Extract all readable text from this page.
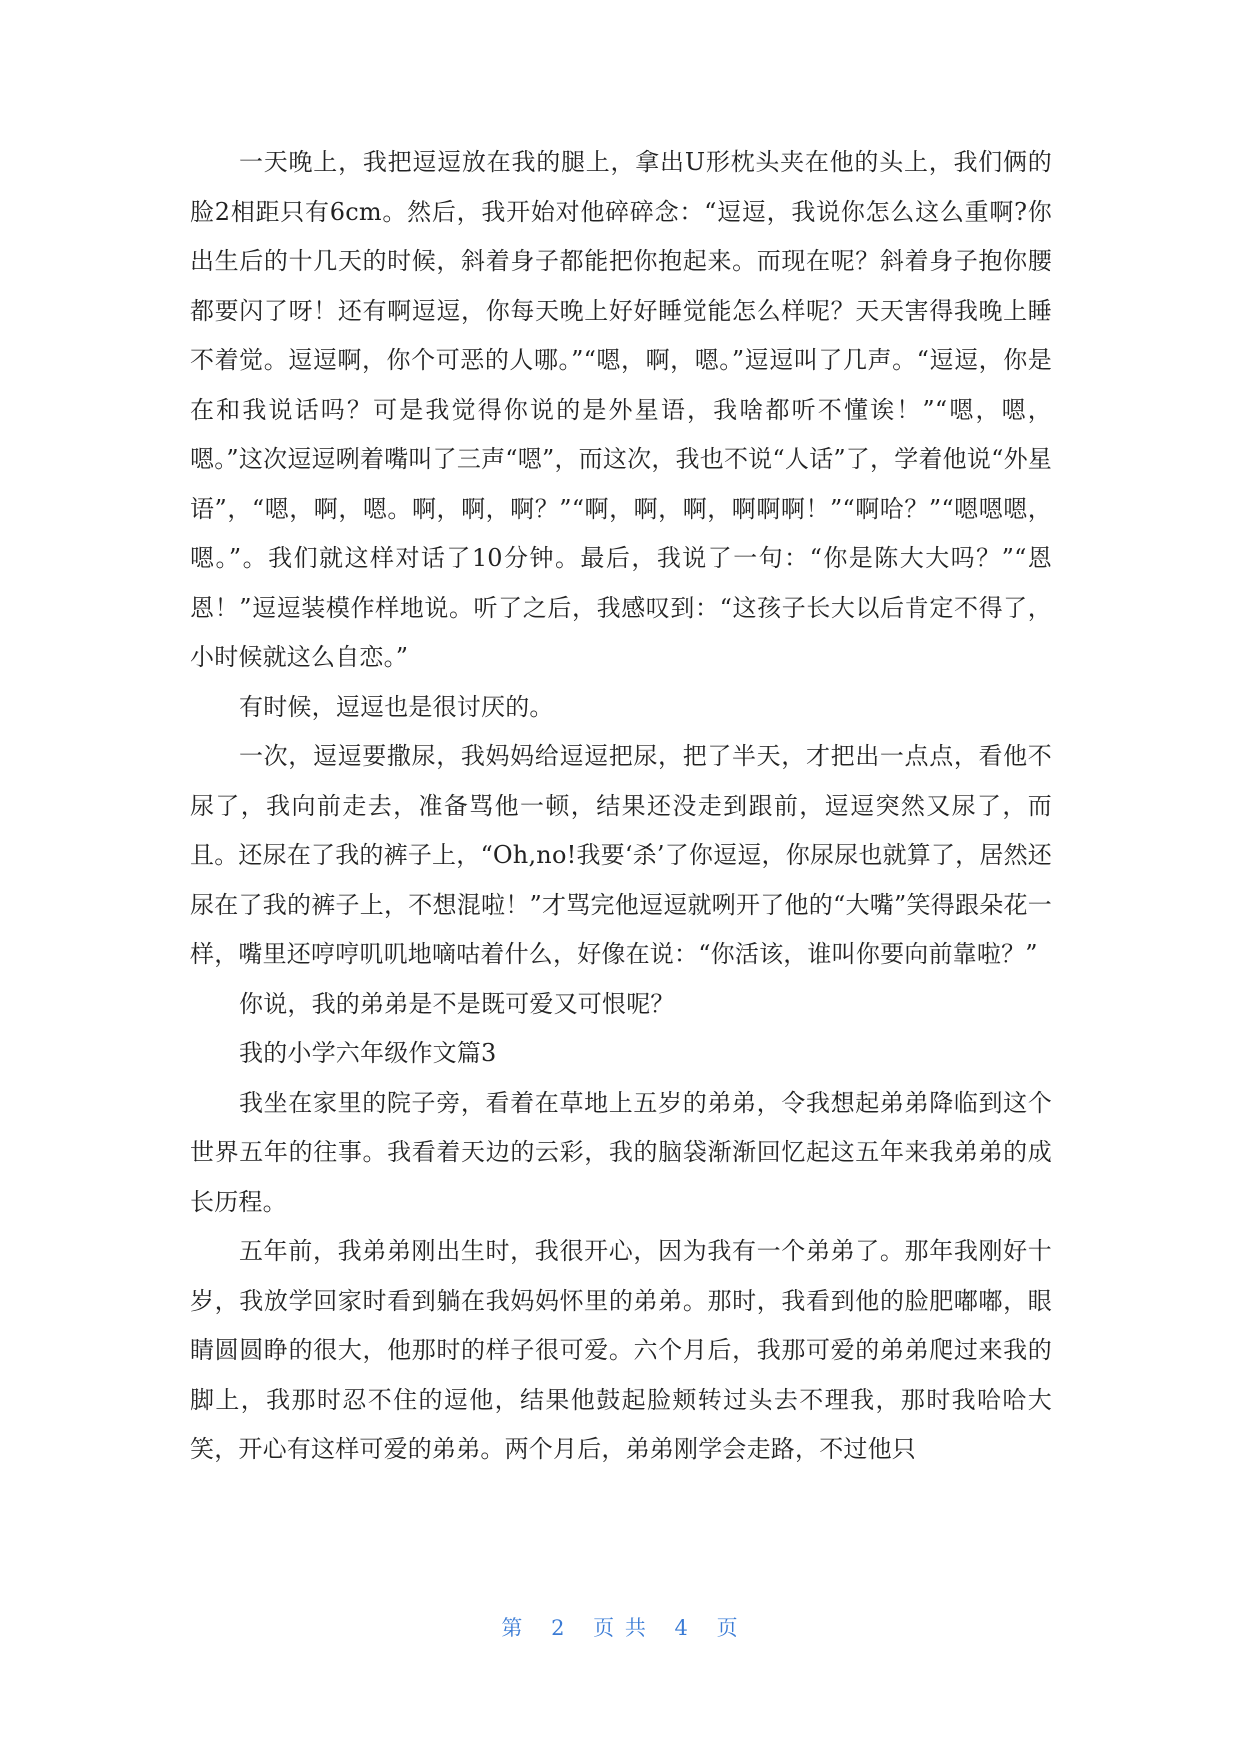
一天晚上，我把逗逗放在我的腿上，拿出U形枕头夹在他的头上，我们俩的脸2相距只有6cm。然后，我开始对他碎碎念：“逗逗，我说你怎么这么重啊?你出生后的十几天的时候，斜着身子都能把你抱起来。而现在呢？斜着身子抱你腰都要闪了呀！还有啊逗逗，你每天晚上好好睡觉能怎么样呢？天天害得我晚上睡不着觉。逗逗啊，你个可恶的人哪。”“嗯，啊，嗯。”逗逗叫了几声。“逗逗，你是在和我说话吗？可是我觉得你说的是外星语，我啥都听不懂诶！”“嗯，嗯，嗯。”这次逗逗咧着嘴叫了三声“嗯”，而这次，我也不说“人话”了，学着他说“外星语”，“嗯，啊，嗯。啊，啊，啊？”“啊，啊，啊，啊啊啊！”“啊哈？”“嗯嗯嗯，嗯。”。我们就这样对话了10分钟。最后，我说了一句：“你是陈大大吗？”“恩恩！”逗逗装模作样地说。听了之后，我感叹到：“这孩子长大以后肯定不得了，小时候就这么自恋。”

有时候，逗逗也是很讨厌的。

一次，逗逗要撒尿，我妈妈给逗逗把尿，把了半天，才把出一点点，看他不尿了，我向前走去，准备骂他一顿，结果还没走到跟前，逗逗突然又尿了，而且。还尿在了我的裤子上，“Oh,no!我要‘杀’了你逗逗，你尿尿也就算了，居然还尿在了我的裤子上，不想混啦！”才骂完他逗逗就咧开了他的“大嘴”笑得跟朵花一样，嘴里还哼哼叽叽地嘀咕着什么，好像在说：“你活该，谁叫你要向前靠啦？”

你说，我的弟弟是不是既可爱又可恨呢？

我的小学六年级作文篇3

我坐在家里的院子旁，看着在草地上五岁的弟弟，令我想起弟弟降临到这个世界五年的往事。我看着天边的云彩，我的脑袋渐渐回忆起这五年来我弟弟的成长历程。

五年前，我弟弟刚出生时，我很开心，因为我有一个弟弟了。那年我刚好十岁，我放学回家时看到躺在我妈妈怀里的弟弟。那时，我看到他的脸肥嘟嘟，眼睛圆圆睁的很大，他那时的样子很可爱。六个月后，我那可爱的弟弟爬过来我的脚上，我那时忍不住的逗他，结果他鼓起脸颊转过头去不理我，那时我哈哈大笑，开心有这样可爱的弟弟。两个月后，弟弟刚学会走路，不过他只

第 2 页 共 4 页
